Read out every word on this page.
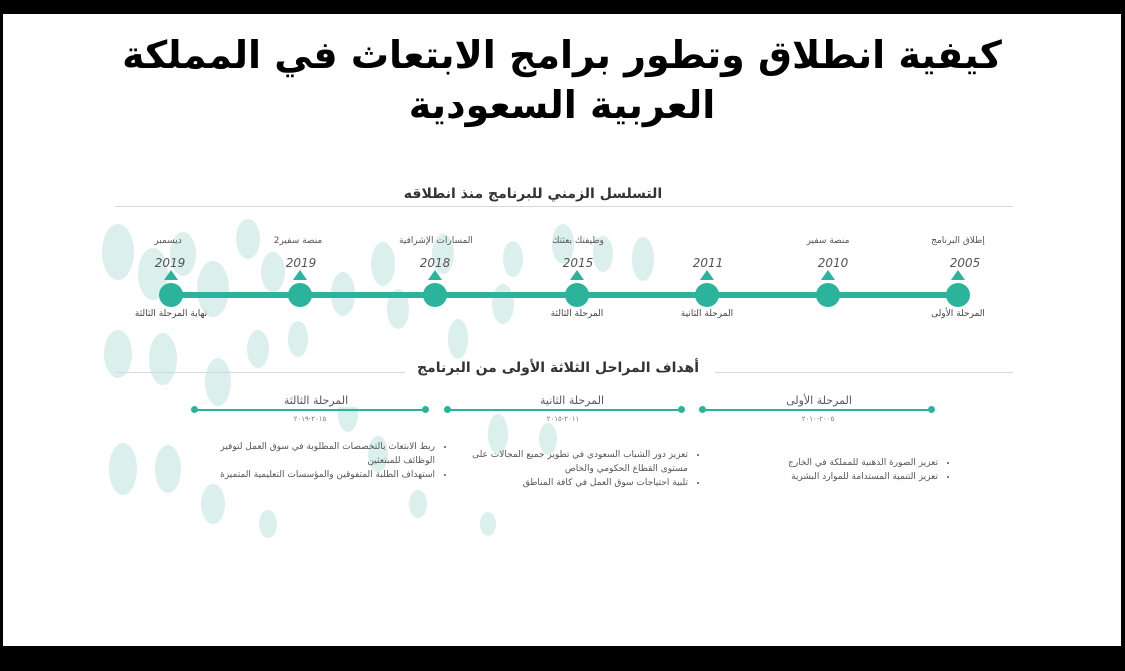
كيفية انطلاق وتطور برامج الابتعاث في المملكة العربية السعودية
التسلسل الزمني للبرنامج منذ انطلاقه
إطلاق البرنامج
2005
المرحلة الأولى
منصة سفير
2010
2011
المرحلة الثانية
وظيفتك بعثتك
2015
المرحلة الثالثة
المسارات الإشرافية
2018
منصة سفير2
2019
ديسمبر
2019
نهاية المرحلة الثالثة
أهداف المراحل الثلاثة الأولى من البرنامج
المرحلة الأولى
٢٠٠٥-٢٠١٠
• تعزيز الصورة الذهنية للمملكة في الخارج
• تعزيز التنمية المستدامة للموارد البشرية
المرحلة الثانية
٢٠١١-٢٠١٥
• تعزيز دور الشباب السعودي في تطوير جميع المجالات على مستوى القطاع الحكومي والخاص
• تلبية احتياجات سوق العمل في كافة المناطق
المرحلة الثالثة
٢٠١٥-٢٠١٩
• ربط الابتعاث بالتخصصات المطلوبة في سوق العمل لتوفير الوظائف للمبتعثين
• استهداف الطلبة المتفوقين والمؤسسات التعليمية المتميزة
